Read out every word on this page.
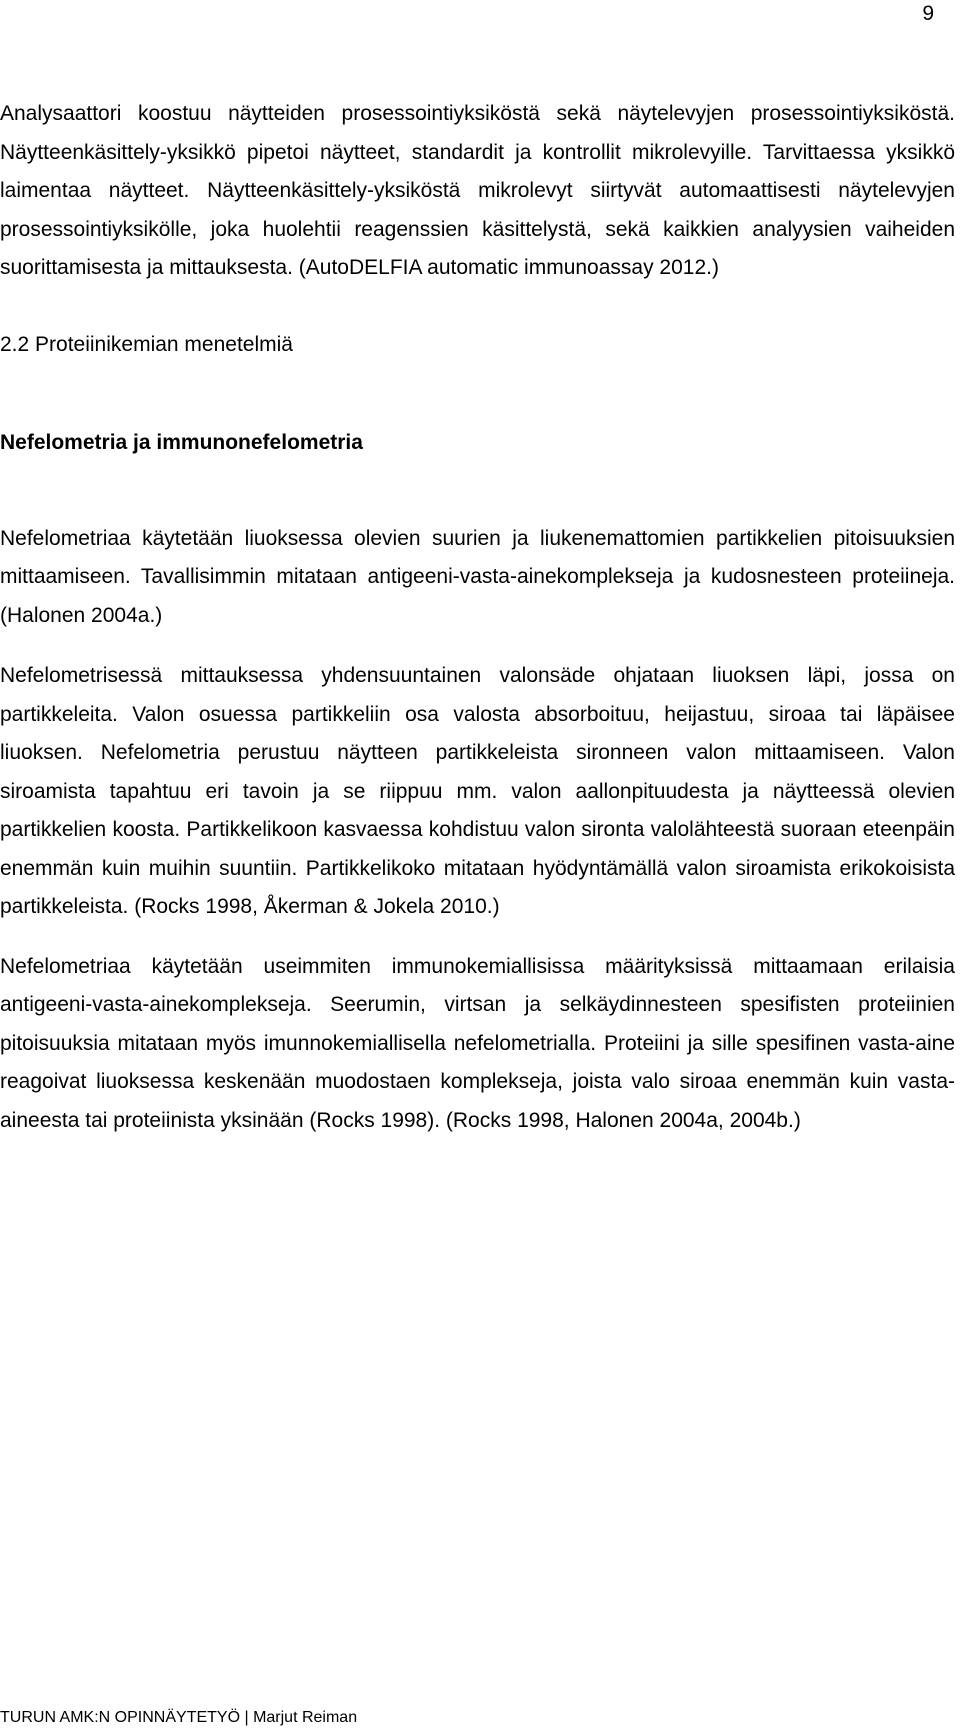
9

Analysaattori koostuu näytteiden prosessointiyksiköstä sekä näytelevyjen prosessointiyksiköstä. Näytteenkäsittely-yksikkö pipetoi näytteet, standardit ja kontrollit mikrolevyille. Tarvittaessa yksikkö laimentaa näytteet. Näytteenkäsittely-yksiköstä mikrolevyt siirtyvät automaattisesti näytelevyjen prosessointiyksikölle, joka huolehtii reagenssien käsittelystä, sekä kaikkien analyysien vaiheiden suorittamisesta ja mittauksesta. (AutoDELFIA automatic immunoassay 2012.)

2.2 Proteiinikemian menetelmiä
Nefelometria ja immunonefelometria

Nefelometriaa käytetään liuoksessa olevien suurien ja liukenemattomien partikkelien pitoisuuksien mittaamiseen. Tavallisimmin mitataan antigeeni-vasta-ainekomplekseja ja kudosnesteen proteiineja. (Halonen 2004a.)

Nefelometrisessä mittauksessa yhdensuuntainen valonsäde ohjataan liuoksen läpi, jossa on partikkeleita. Valon osuessa partikkeliin osa valosta absorboituu, heijastuu, siroaa tai läpäisee liuoksen. Nefelometria perustuu näytteen partikkeleista sironneen valon mittaamiseen. Valon siroamista tapahtuu eri tavoin ja se riippuu mm. valon aallonpituudesta ja näytteessä olevien partikkelien koosta. Partikkelikoon kasvaessa kohdistuu valon sironta valolähteestä suoraan eteenpäin enemmän kuin muihin suuntiin. Partikkelikoko mitataan hyödyntämällä valon siroamista erikokoisista partikkeleista. (Rocks 1998, Åkerman & Jokela 2010.)

Nefelometriaa käytetään useimmiten immunokemiallisissa määrityksissä mittaamaan erilaisia antigeeni-vasta-ainekomplekseja. Seerumin, virtsan ja selkäydinnesteen spesifisten proteiinien pitoisuuksia mitataan myös imunnokemiallisella nefelometrialla. Proteiini ja sille spesifinen vasta-aine reagoivat liuoksessa keskenään muodostaen komplekseja, joista valo siroaa enemmän kuin vasta-aineesta tai proteiinista yksinään (Rocks 1998). (Rocks 1998, Halonen 2004a, 2004b.)

TURUN AMK:N OPINNÄYTETYÖ | Marjut Reiman
